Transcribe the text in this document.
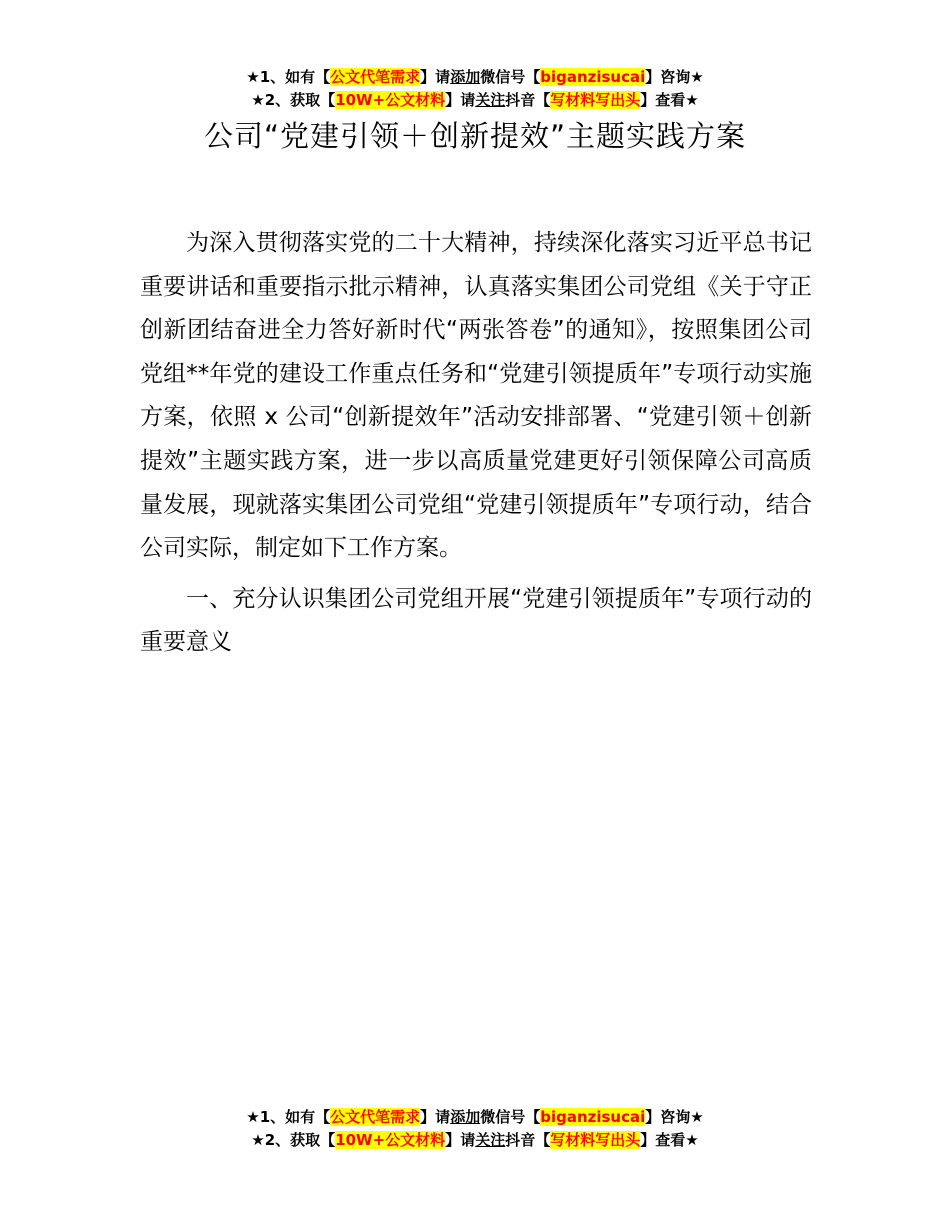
★1、如有【公文代笔需求】请添加微信号【biganzisucai】咨询★
★2、获取【10W+公文材料】请关注抖音【写材料写出头】查看★
公司“党建引领＋创新提效”主题实践方案

为深入贯彻落实党的二十大精神，持续深化落实习近平总书记重要讲话和重要指示批示精神，认真落实集团公司党组《关于守正创新团结奋进全力答好新时代“两张答卷”的通知》，按照集团公司党组**年党的建设工作重点任务和“党建引领提质年”专项行动实施方案，依照 x 公司“创新提效年”活动安排部署、“党建引领＋创新提效”主题实践方案，进一步以高质量党建更好引领保障公司高质量发展，现就落实集团公司党组“党建引领提质年”专项行动，结合公司实际，制定如下工作方案。

一、充分认识集团公司党组开展“党建引领提质年”专项行动的重要意义

★1、如有【公文代笔需求】请添加微信号【biganzisucai】咨询★
★2、获取【10W+公文材料】请关注抖音【写材料写出头】查看★
